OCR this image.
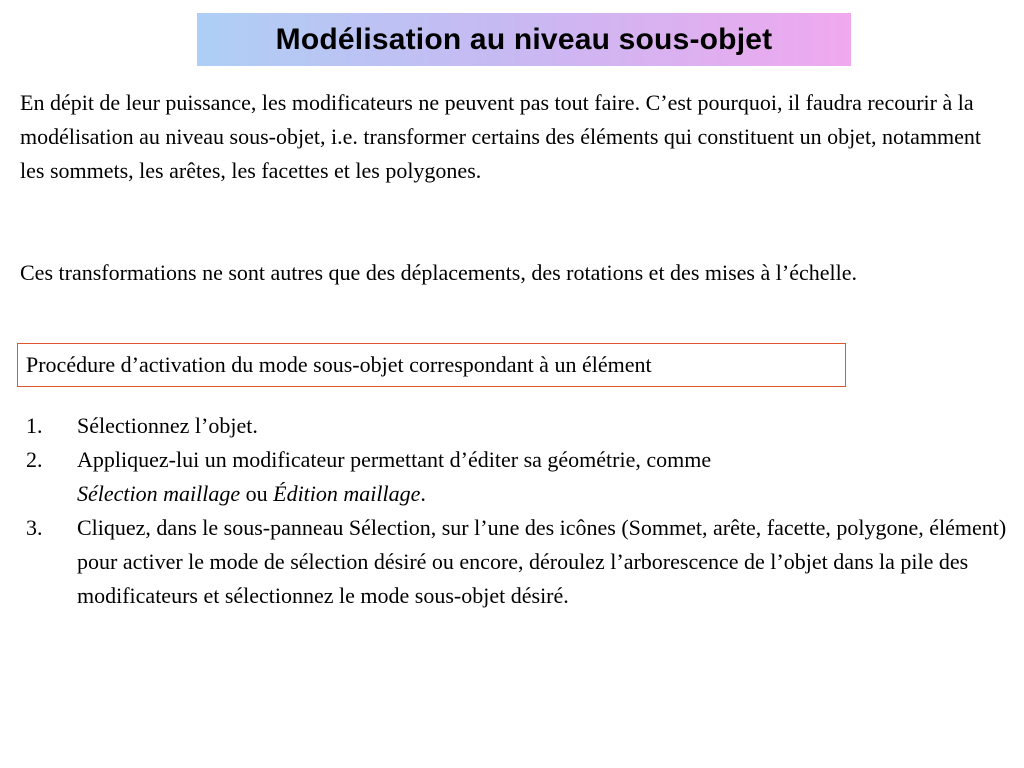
Modélisation au niveau sous-objet

En dépit de leur puissance, les modificateurs ne peuvent pas tout faire. C’est pourquoi, il faudra recourir à la modélisation au niveau sous-objet, i.e. transformer certains des éléments qui constituent un objet, notamment les sommets, les arêtes, les facettes et les polygones.

Ces transformations ne sont autres que des déplacements, des rotations et des mises à l’échelle.

Procédure d’activation du mode sous-objet correspondant à un élément
1. Sélectionnez l’objet.
2. Appliquez-lui un modificateur permettant d’éditer sa géométrie, comme
Sélection maillage ou Édition maillage.
3. Cliquez, dans le sous-panneau Sélection, sur l’une des icônes (Sommet, arête, facette, polygone, élément) pour activer le mode de sélection désiré ou encore, déroulez l’arborescence de l’objet dans la pile des modificateurs et sélectionnez le mode sous-objet désiré.
